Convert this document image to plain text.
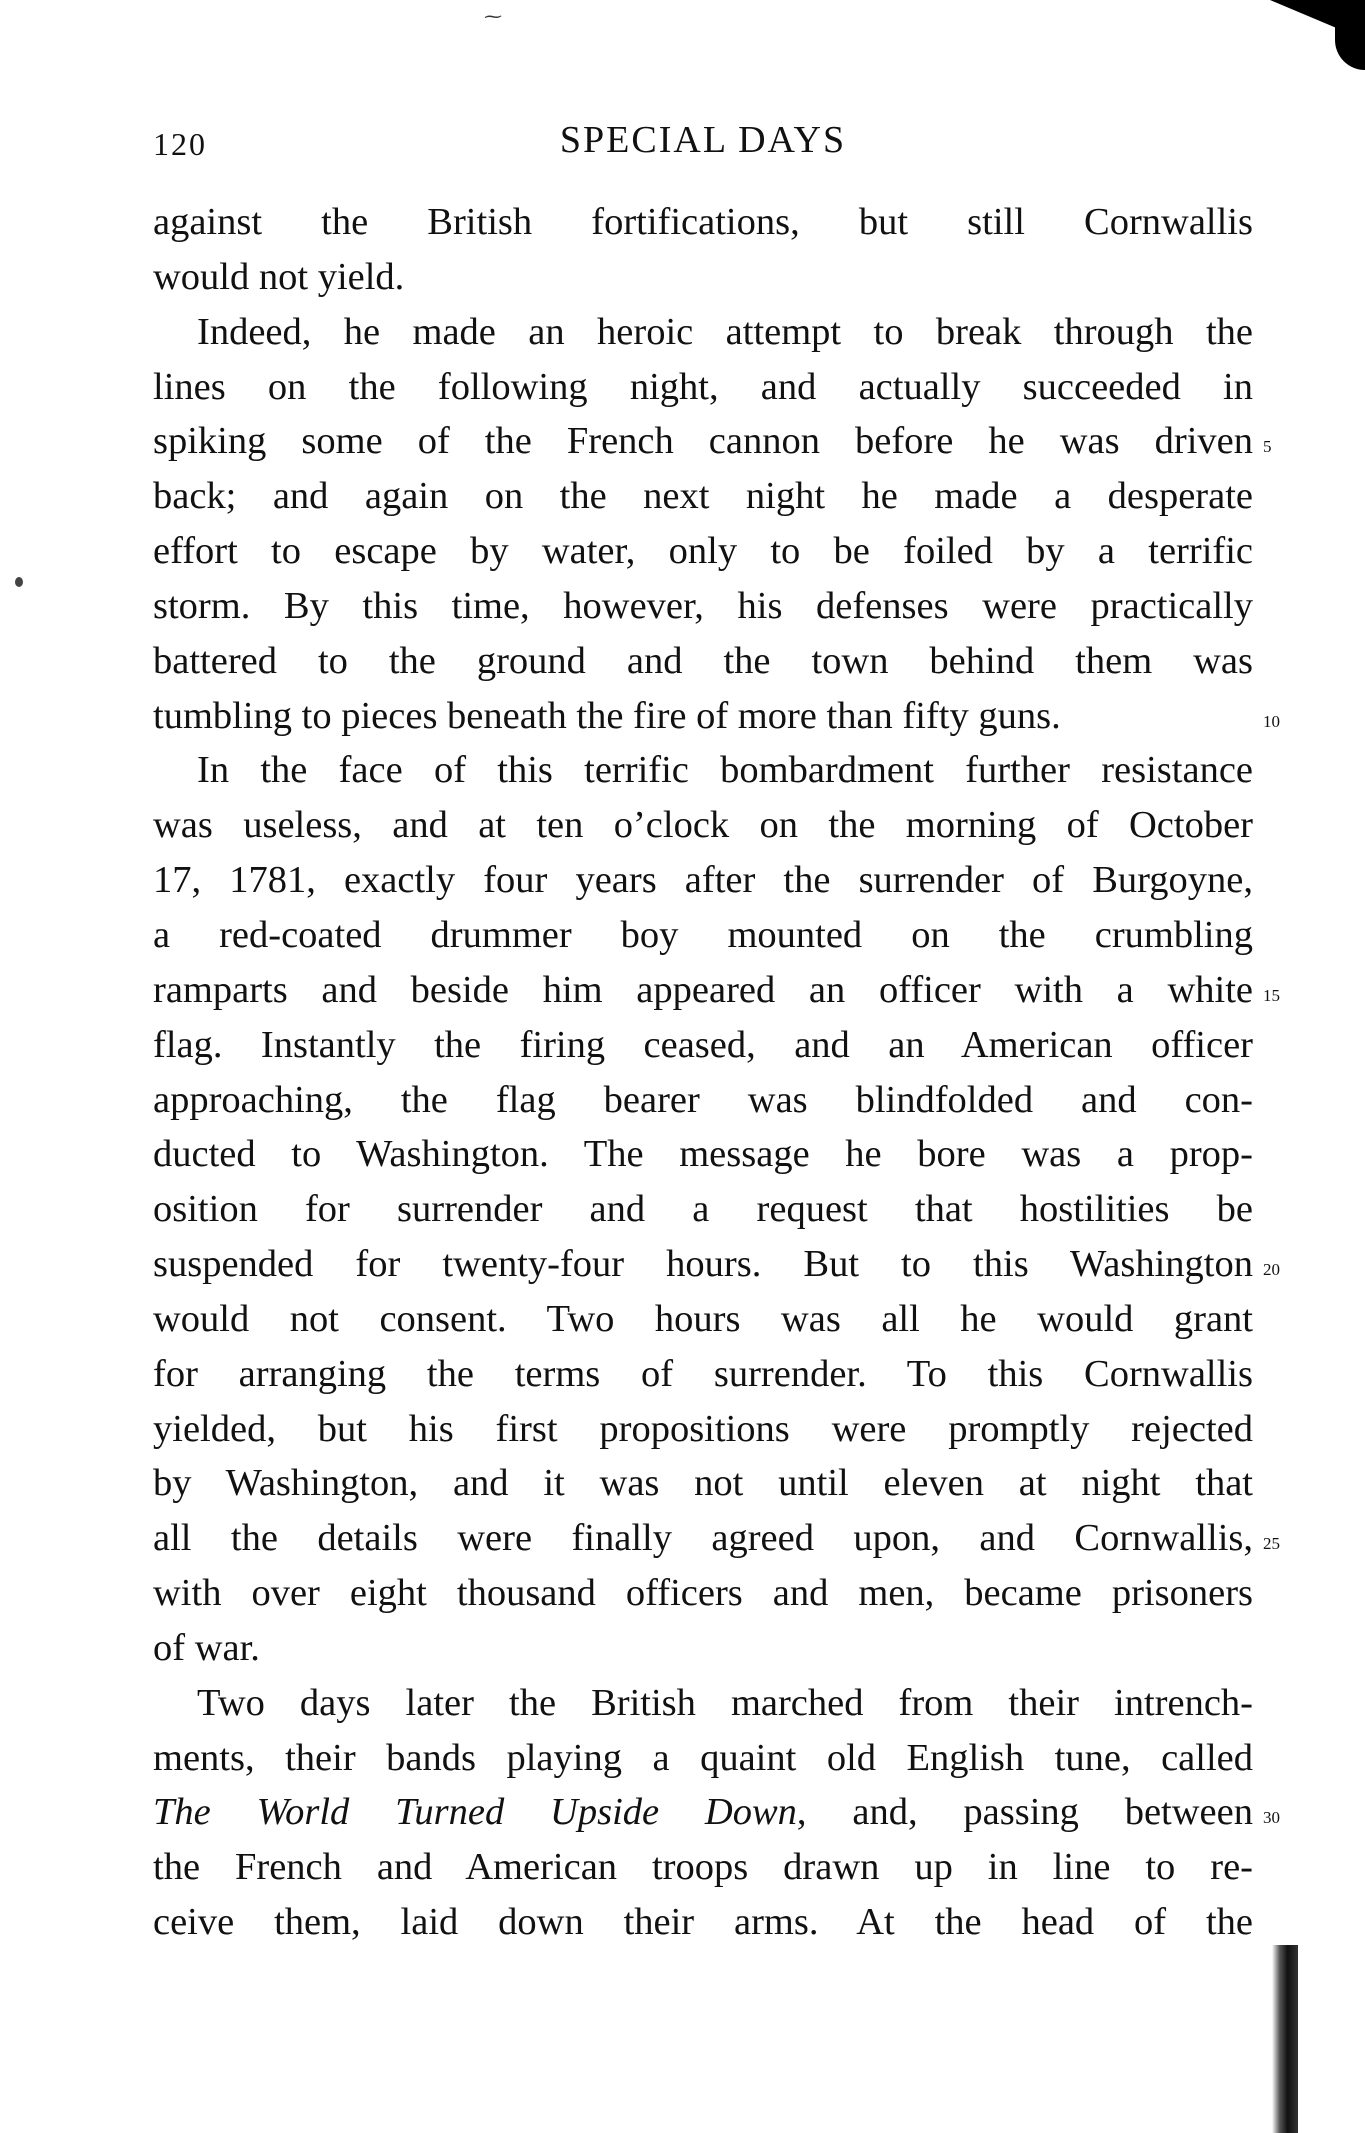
⁓
120	SPECIAL DAYS
against the British fortifications, but still Cornwallis
would not yield.
Indeed, he made an heroic attempt to break through the
lines on the following night, and actually succeeded in
spiking some of the French cannon before he was driven 5
back; and again on the next night he made a desperate
effort to escape by water, only to be foiled by a terrific
storm. By this time, however, his defenses were practically
battered to the ground and the town behind them was
tumbling to pieces beneath the fire of more than fifty guns.	10
In the face of this terrific bombardment further resistance
was useless, and at ten o’clock on the morning of October
17, 1781, exactly four years after the surrender of Burgoyne,
a red-coated drummer boy mounted on the crumbling
ramparts and beside him appeared an officer with a white 15
flag. Instantly the firing ceased, and an American officer
approaching, the flag bearer was blindfolded and con-
ducted to Washington. The message he bore was a prop-
osition for surrender and a request that hostilities be
suspended for twenty-four hours. But to this Washington 20
would not consent. Two hours was all he would grant
for arranging the terms of surrender. To this Cornwallis
yielded, but his first propositions were promptly rejected
by Washington, and it was not until eleven at night that
all the details were finally agreed upon, and Cornwallis, 25
with over eight thousand officers and men, became prisoners
of war.
Two days later the British marched from their intrench-
ments, their bands playing a quaint old English tune, called
The World Turned Upside Down, and, passing between 30
the French and American troops drawn up in line to re-
ceive them, laid down their arms. At the head of the
